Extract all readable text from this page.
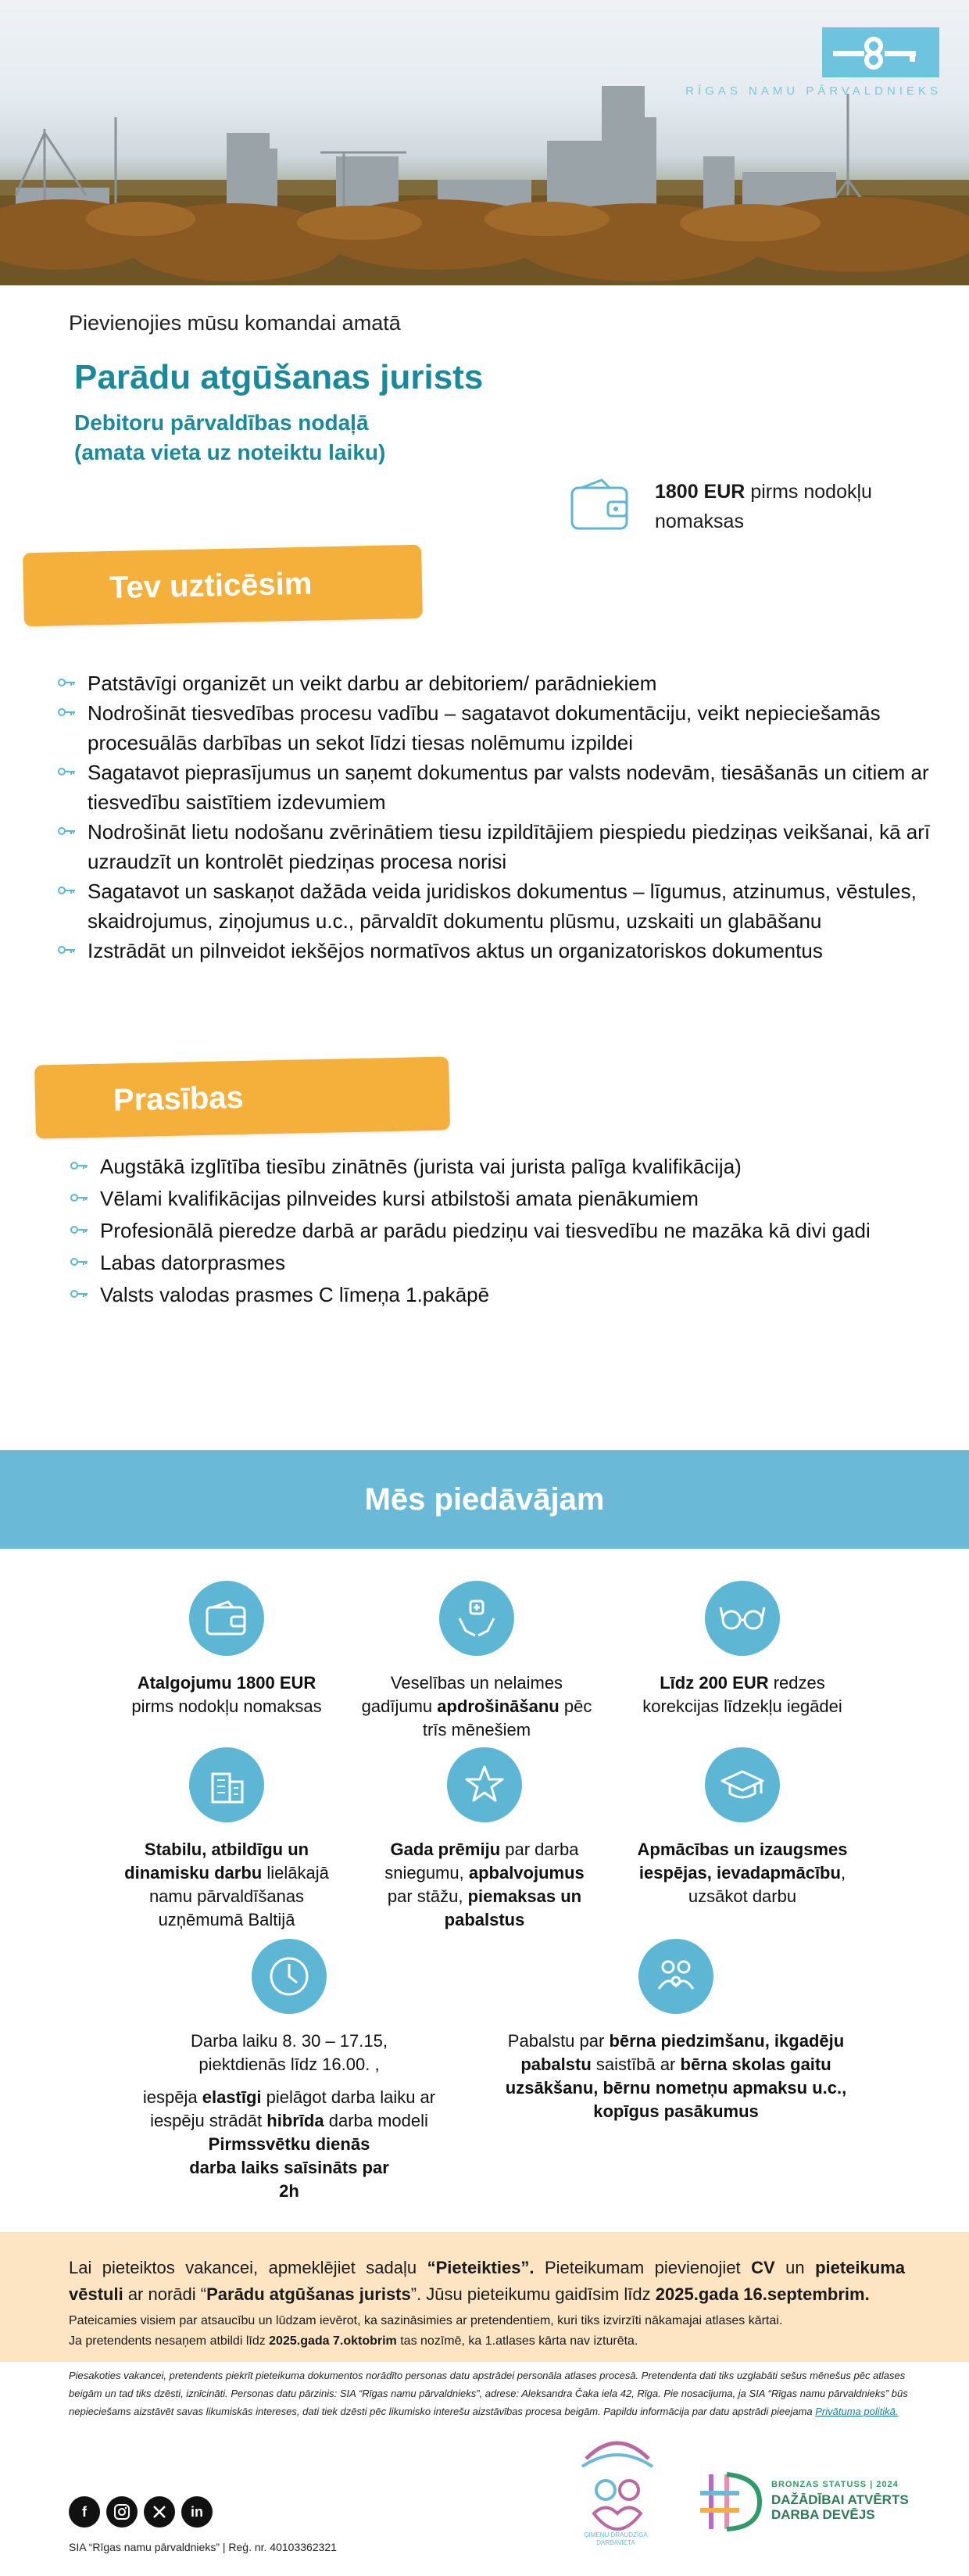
RĪGAS NAMU PĀRVALDNIEKS
Pievienojies mūsu komandai amatā
Parādu atgūšanas jurists
Debitoru pārvaldības nodaļā
(amata vieta uz noteiktu laiku)
1800 EUR pirms nodokļu
nomaksas
Tev uzticēsim
Patstāvīgi organizēt un veikt darbu ar debitoriem/ parādniekiem
Nodrošināt tiesvedības procesu vadību – sagatavot dokumentāciju, veikt nepieciešamās procesuālās darbības un sekot līdzi tiesas nolēmumu izpildei
Sagatavot pieprasījumus un saņemt dokumentus par valsts nodevām, tiesāšanās un citiem ar tiesvedību saistītiem izdevumiem
Nodrošināt lietu nodošanu zvērinātiem tiesu izpildītājiem piespiedu piedziņas veikšanai, kā arī uzraudzīt un kontrolēt piedziņas procesa norisi
Sagatavot un saskaņot dažāda veida juridiskos dokumentus – līgumus, atzinumus, vēstules, skaidrojumus, ziņojumus u.c., pārvaldīt dokumentu plūsmu, uzskaiti un glabāšanu
Izstrādāt un pilnveidot iekšējos normatīvos aktus un organizatoriskos dokumentus
Prasības
Augstākā izglītība tiesību zinātnēs (jurista vai jurista palīga kvalifikācija)
Vēlami kvalifikācijas pilnveides kursi atbilstoši amata pienākumiem
Profesionālā pieredze darbā ar parādu piedziņu vai tiesvedību ne mazāka kā divi gadi
Labas datorprasmes
Valsts valodas prasmes C līmeņa 1.pakāpē
Mēs piedāvājam
Atalgojumu 1800 EUR
pirms nodokļu nomaksas
Veselības un nelaimes gadījumu apdrošināšanu pēc trīs mēnešiem
Līdz 200 EUR redzes korekcijas līdzekļu iegādei
Stabilu, atbildīgu un dinamisku darbu lielākajā namu pārvaldīšanas uzņēmumā Baltijā
Gada prēmiju par darba sniegumu, apbalvojumus par stāžu, piemaksas un pabalstus
Apmācības un izaugsmes iespējas, ievadapmācību, uzsākot darbu
Darba laiku 8. 30 – 17.15,
piektdienās līdz 16.00. ,
iespēja elastīgi pielāgot darba laiku ar iespēju strādāt hibrīda darba modeli
Pirmssvētku dienās darba laiks saīsināts par 2h
Pabalstu par bērna piedzimšanu, ikgadēju pabalstu saistībā ar bērna skolas gaitu uzsākšanu, bērnu nometņu apmaksu u.c., kopīgus pasākumus
Lai pieteiktos vakancei, apmeklējiet sadaļu “Pieteikties”. Pieteikumam pievienojiet CV un pieteikuma vēstuli ar norādi “Parādu atgūšanas jurists”. Jūsu pieteikumu gaidīsim līdz 2025.gada 16.septembrim.
Pateicamies visiem par atsaucību un lūdzam ievērot, ka sazināsimies ar pretendentiem, kuri tiks izvirzīti nākamajai atlases kārtai.
Ja pretendents nesaņem atbildi līdz 2025.gada 7.oktobrim tas nozīmē, ka 1.atlases kārta nav izturēta.
Piesakoties vakancei, pretendents piekrīt pieteikuma dokumentos norādīto personas datu apstrādei personāla atlases procesā. Pretendenta dati tiks uzglabāti sešus mēnešus pēc atlases beigām un tad tiks dzēsti, iznīcināti. Personas datu pārzinis: SIA “Rīgas namu pārvaldnieks”, adrese: Aleksandra Čaka iela 42, Rīga. Pie nosacījuma, ja SIA “Rīgas namu pārvaldnieks” būs nepieciešams aizstāvēt savas likumiskās intereses, dati tiek dzēsti pēc likumisko interešu aizstāvības procesa beigām. Papildu informācija par datu apstrādi pieejama Privātuma politikā.
f	in
SIA “Rīgas namu pārvaldnieks” | Reģ. nr. 40103362321
ĢIMEŅU DRAUDZĪGA DARBAVIETA
BRONZAS STATUSS | 2024
DAŽĀDĪBAI ATVĒRTS
DARBA DEVĒJS
